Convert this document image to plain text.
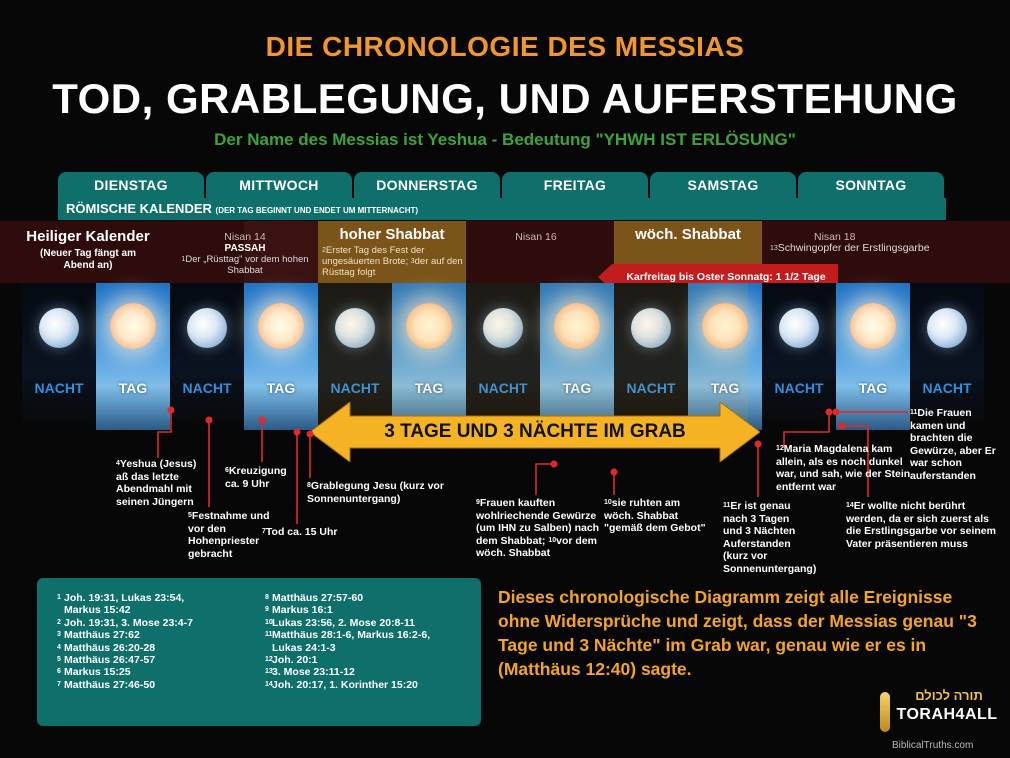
DIE CHRONOLOGIE DES MESSIAS
TOD, GRABLEGUNG, UND AUFERSTEHUNG
Der Name des Messias ist Yeshua - Bedeutung "YHWH IST ERLÖSUNG"
DIENSTAG	MITTWOCH	DONNERSTAG	FREITAG	SAMSTAG	SONNTAG
RÖMISCHE KALENDER (DER TAG BEGINNT UND ENDET UM MITTERNACHT)
Heiliger Kalender
(Neuer Tag fängt am Abend an)
Nisan 14
PASSAH
$^1$Der „Rüsttag" vor dem hohen Shabbat
hoher Shabbat
$^2$Erster Tag des Fest der ungesäuerten Brote; $^3$der auf den Rüsttag folgt
Nisan 16	wöch. Shabbat	Nisan 18
$^{13}$Schwingopfer der Erstlingsgarbe
Karfreitag bis Oster Sonnatg: 1 1/2 Tage
NACHT	TAG	NACHT	TAG	NACHT	TAG	NACHT	TAG	NACHT	TAG	NACHT	TAG	NACHT
3 TAGE UND 3 NÄCHTE IM GRAB
$^4$Yeshua (Jesus) aß das letzte Abendmahl mit seinen Jüngern
$^5$Festnahme und vor den Hohenpriester gebracht
$^6$Kreuzigung ca. 9 Uhr
$^7$Tod ca. 15 Uhr
$^8$Grablegung Jesu (kurz vor Sonnenuntergang)	$^9$Frauen kauften wohlriechende Gewürze (um IHN zu Salben) nach dem Shabbat; $^{10}$vor dem wöch. Shabbat
$^{10}$sie ruhten am wöch. Shabbat "gemäß dem Gebot"
$^{11}$Er ist genau nach 3 Tagen und 3 Nächten Auferstanden (kurz vor Sonnenuntergang)
$^{12}$Maria Magdalena kam allein, als es noch dunkel war, und sah, wie der Stein entfernt war
$^{11}$Die Frauen kamen und brachten die Gewürze, aber Er war schon auferstanden
$^{14}$Er wollte nicht berührt werden, da er sich zuerst als die Erstlingsgarbe vor seinem Vater präsentieren muss
1 Joh. 19:31, Lukas 23:54,
Markus 15:42
2 Joh. 19:31, 3. Mose 23:4-7
3 Matthäus 27:62
4 Matthäus 26:20-28
5 Matthäus 26:47-57
6 Markus 15:25
7 Matthäus 27:46-50
8 Matthäus 27:57-60
9 Markus 16:1
10Lukas 23:56, 2. Mose 20:8-11
11Matthäus 28:1-6, Markus 16:2-6,
Lukas 24:1-3
12Joh. 20:1
133. Mose 23:11-12
14Joh. 20:17, 1. Korinther 15:20
Dieses chronologische Diagramm zeigt alle Ereignisse ohne Widersprüche und zeigt, dass der Messias genau "3 Tage und 3 Nächte" im Grab war, genau wie er es in (Matthäus 12:40) sagte.
תורה לכולם
TORAH4ALL
BiblicalTruths.com
